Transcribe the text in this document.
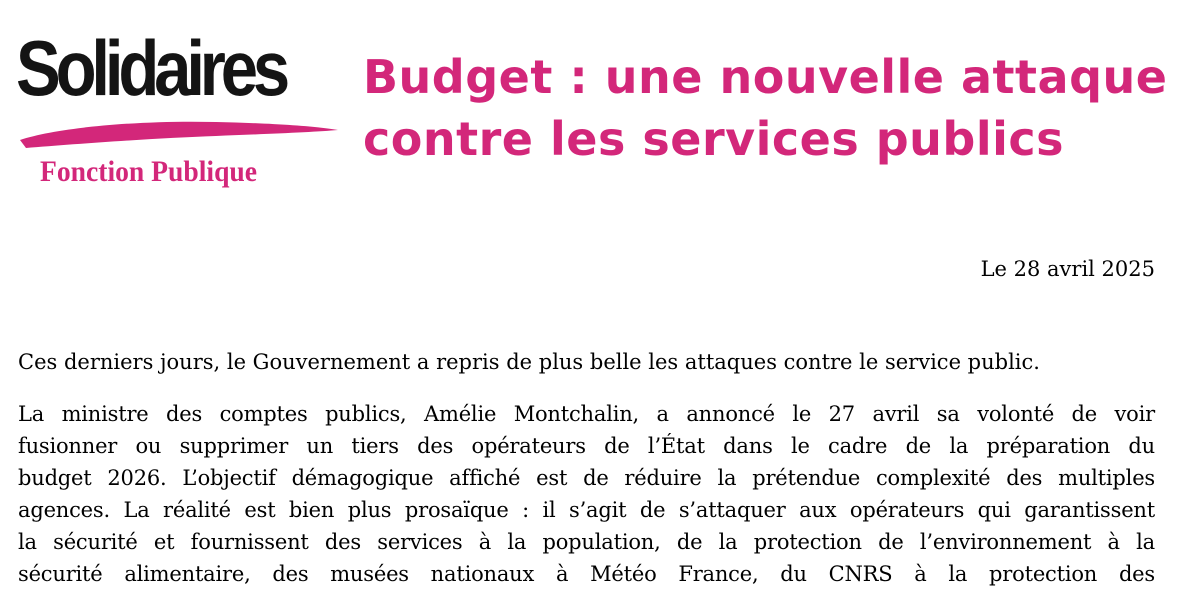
Solidaires
Fonction Publique
Budget : une nouvelle attaque
contre les services publics
Le 28 avril 2025

Ces derniers jours, le Gouvernement a repris de plus belle les attaques contre le service public.

La ministre des comptes publics, Amélie Montchalin, a annoncé le 27 avril sa volonté de voir
fusionner ou supprimer un tiers des opérateurs de l’État dans le cadre de la préparation du
budget 2026. L’objectif démagogique affiché est de réduire la prétendue complexité des multiples
agences. La réalité est bien plus prosaïque : il s’agit de s’attaquer aux opérateurs qui garantissent
la sécurité et fournissent des services à la population, de la protection de l’environnement à la
sécurité alimentaire, des musées nationaux à Météo France, du CNRS à la protection des
